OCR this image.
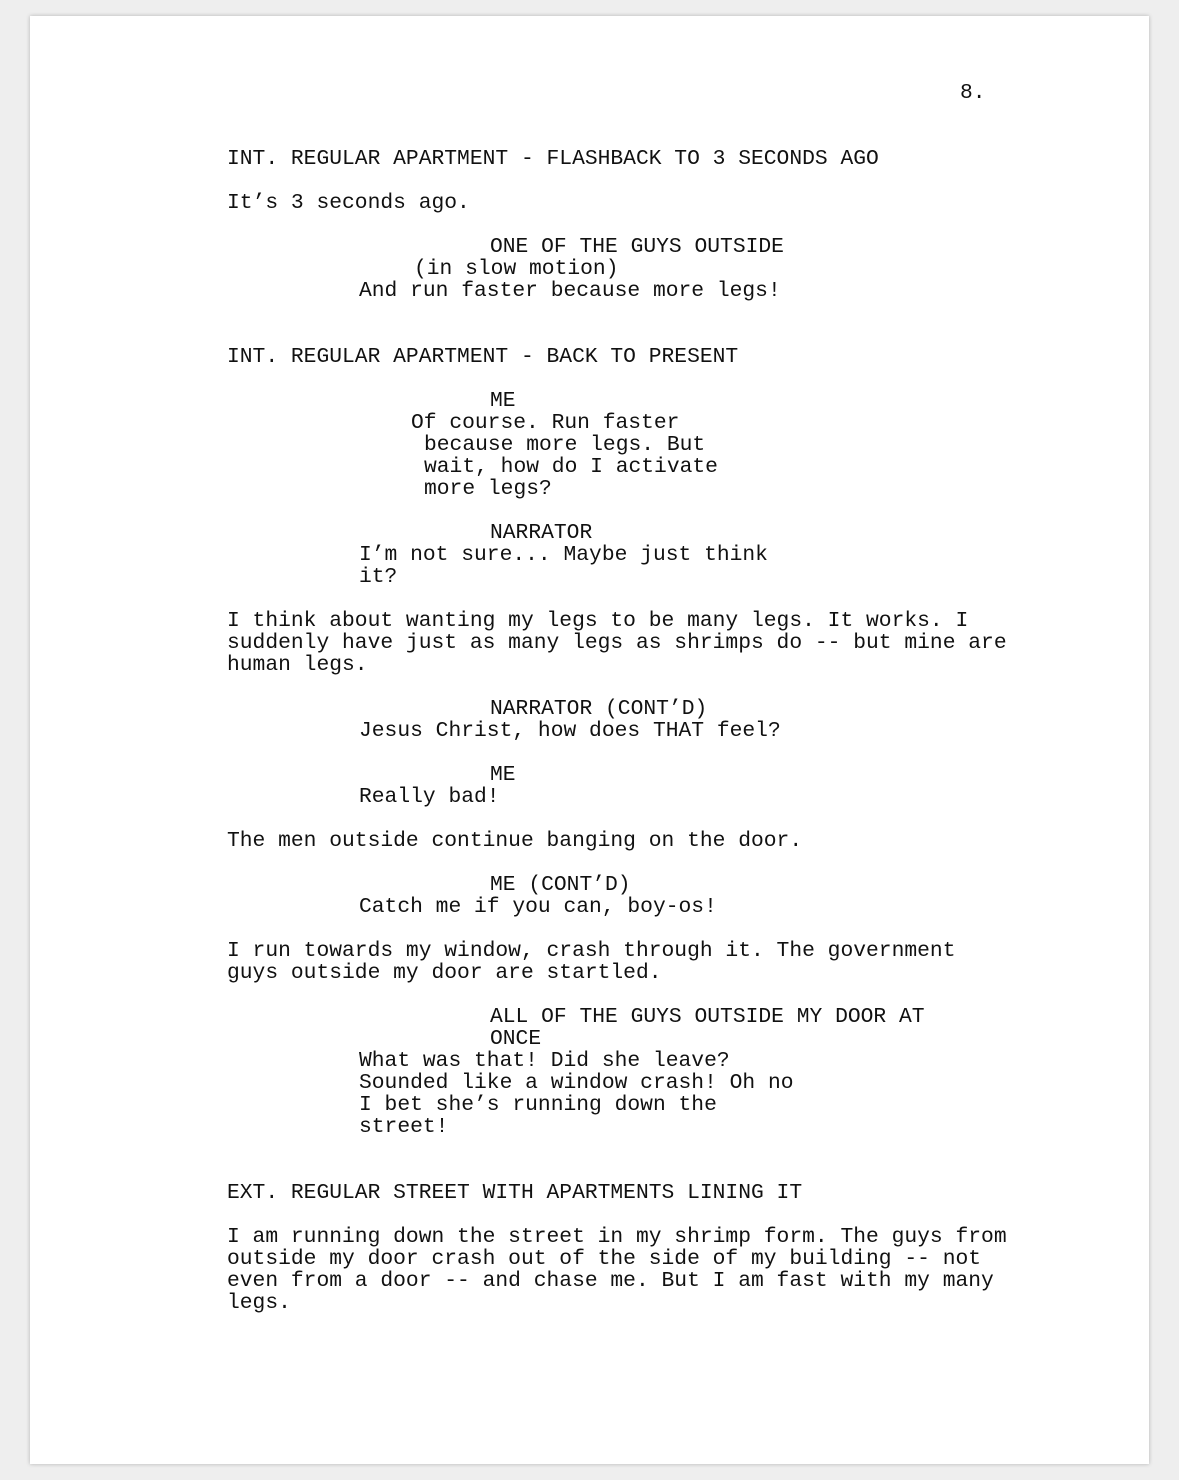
8.
INT. REGULAR APARTMENT - FLASHBACK TO 3 SECONDS AGO
It’s 3 seconds ago.
ONE OF THE GUYS OUTSIDE
(in slow motion)
And run faster because more legs!
INT. REGULAR APARTMENT - BACK TO PRESENT
ME
Of course. Run faster
because more legs. But
wait, how do I activate
more legs?
NARRATOR
I’m not sure... Maybe just think
it?
I think about wanting my legs to be many legs. It works. I
suddenly have just as many legs as shrimps do -- but mine are
human legs.
NARRATOR (CONT’D)
Jesus Christ, how does THAT feel?
ME
Really bad!
The men outside continue banging on the door.
ME (CONT’D)
Catch me if you can, boy-os!
I run towards my window, crash through it. The government
guys outside my door are startled.
ALL OF THE GUYS OUTSIDE MY DOOR AT
ONCE
What was that! Did she leave?
Sounded like a window crash! Oh no
I bet she’s running down the
street!
EXT. REGULAR STREET WITH APARTMENTS LINING IT
I am running down the street in my shrimp form. The guys from
outside my door crash out of the side of my building -- not
even from a door -- and chase me. But I am fast with my many
legs.
